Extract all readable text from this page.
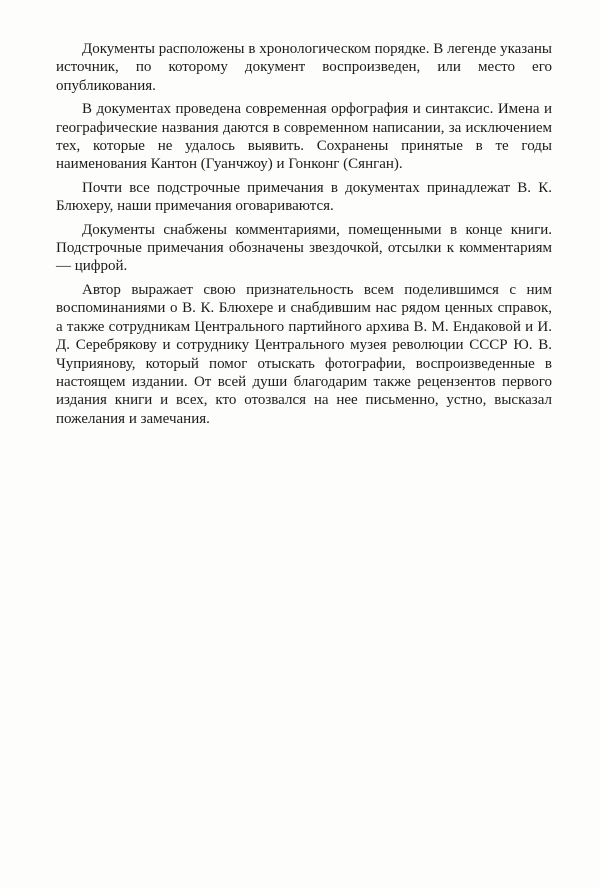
Документы расположены в хронологическом порядке. В легенде указаны источник, по которому документ воспроизведен, или место его опубликования.

В документах проведена современная орфография и синтаксис. Имена и географические названия даются в современном написании, за исключением тех, которые не удалось выявить. Сохранены принятые в те годы наименования Кантон (Гуанчжоу) и Гонконг (Сянган).

Почти все подстрочные примечания в документах принадлежат В. К. Блюхеру, наши примечания оговариваются.

Документы снабжены комментариями, помещенными в конце книги. Подстрочные примечания обозначены звездочкой, отсылки к комментариям — цифрой.

Автор выражает свою признательность всем поделившимся с ним воспоминаниями о В. К. Блюхере и снабдившим нас рядом ценных справок, а также сотрудникам Центрального партийного архива В. М. Ендаковой и И. Д. Серебрякову и сотруднику Центрального музея революции СССР Ю. В. Чуприянову, который помог отыскать фотографии, воспроизведенные в настоящем издании. От всей души благодарим также рецензентов первого издания книги и всех, кто отозвался на нее письменно, устно, высказал пожелания и замечания.
